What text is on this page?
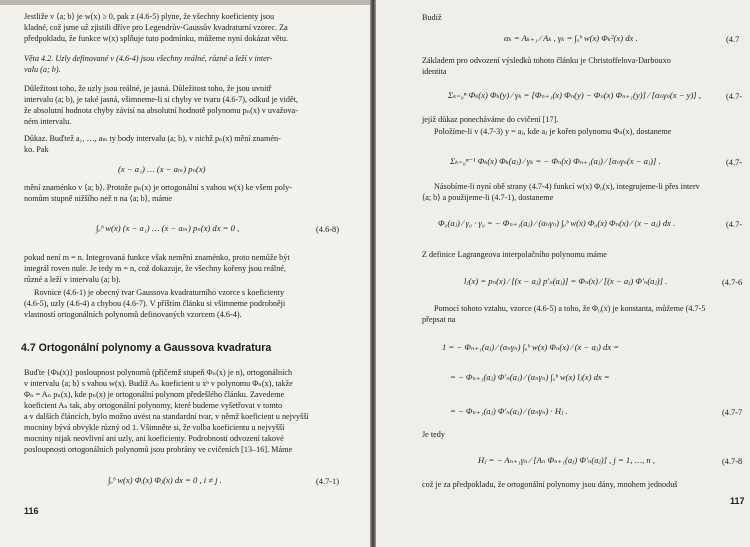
Jestliže v ⟨a; b⟩ je w(x) ≥ 0, pak z (4.6-5) plyne, že všechny koeficienty jsou
kladné, což jsme už zjistili dříve pro Legendrův-Gaussův kvadraturní vzorec. Za
předpokladu, že funkce w(x) splňuje tuto podmínku, můžeme nyní dokázat větu.
Věta 4.2. Uzly definované v (4.6-4) jsou všechny reálné, různé a leží v inter-
valu (a; b).
Důležitost toho, že uzly jsou reálné, je jasná. Důležitost toho, že jsou uvnitř
intervalu (a; b), je také jasná, všimneme-li si chyby ve tvaru (4.6-7), odkud je vidět,
že absolutní hodnota chyby závisí na absolutní hodnotě polynomu pₙ(x) v uvažova-
ném intervalu.
Důkaz. Buďtež a₁, …, aₘ ty body intervalu (a; b), v nichž pₙ(x) mění znamén-
ko. Pak
(x − a₁) … (x − aₘ) pₙ(x)
mění znaménko v ⟨a; b⟩. Protože pₙ(x) je ortogonální s vahou w(x) ke všem poly-
nomům stupně nižšího než n na ⟨a; b⟩, máme
∫ₐᵇ w(x) (x − a₁) … (x − aₘ) pₙ(x) dx = 0 ,	(4.6-8)
pokud není m = n. Integrovaná funkce však nemění znaménko, proto nemůže být
integrál roven nule. Je tedy m = n, což dokazuje, že všechny kořeny jsou reálné,
různé a leží v intervalu (a; b).
Rovnice (4.6-1) je obecný tvar Gaussova kvadraturního vzorce s koeficienty
(4.6-5), uzly (4.6-4) a chybou (4.6-7). V příštím článku si všimneme podrobněji
vlastností ortogonálních polynomů definovaných vzorcem (4.6-4).
4.7 Ortogonální polynomy a Gaussova kvadratura
Buďte {Φₖ(x)} posloupnost polynomů (přičemž stupeň Φₙ(x) je n), ortogonálních
v intervalu ⟨a; b⟩ s vahou w(x). Budiž Aₙ koeficient u xⁿ v polynomu Φₙ(x), takže
Φₙ = Aₙ pₙ(x), kde pₙ(x) je ortogonální polynom předešlého článku. Zavedeme
koeficient Aₙ tak, aby ortogonální polynomy, které budeme vyšetřovat v tomto
a v dalších článcích, bylo možno uvést na standardní tvar, v němž koeficient u nejvyšší
mocniny bývá obvykle různý od 1. Všimněte si, že volba koeficientu u nejvyšší
mocniny nijak neovlivní ani uzly, ani koeficienty. Podrobnosti odvození takové
posloupnosti ortogonálních polynomů jsou probrány ve cvičeních [13–16]. Máme
∫ₐᵇ w(x) Φᵢ(x) Φⱼ(x) dx = 0 , i ≠ j .	(4.7-1)
116
Budiž
αₖ = Aₖ₊₁ ⁄ Aₖ , γₖ = ∫ₐᵇ w(x) Φₖ²(x) dx .	(4.7
Základem pro odvození výsledků tohoto článku je Christoffelova-Darbouxo
identita
Σₖ₌₀ⁿ Φₖ(x) Φₖ(y) ⁄ γₖ = [Φₙ₊₁(x) Φₙ(y) − Φₙ(x) Φₙ₊₁(y)] ⁄ [αₙγₙ(x − y)] ,	(4.7-
jejíž důkaz ponecháváme do cvičení [17].
Položíme-li v (4.7-3) y = aⱼ, kde aⱼ je kořen polynomu Φₙ(x), dostaneme
Σₖ₌₀ⁿ⁻¹ Φₖ(x) Φₖ(aⱼ) ⁄ γₖ = − Φₙ(x) Φₙ₊₁(aⱼ) ⁄ [αₙγₙ(x − aⱼ)] .	(4.7-
Násobíme-li nyní obě strany (4.7-4) funkcí w(x) Φ₀(x), integrujeme-li přes interv
⟨a; b⟩ a použijeme-li (4.7-1), dostaneme
Φ₀(aⱼ) ⁄ γ₀ · γ₀ = − Φₙ₊₁(aⱼ) ⁄ (αₙγₙ) ∫ₐᵇ w(x) Φ₀(x) Φₙ(x) ⁄ (x − aⱼ) dx .	(4.7-
Z definice Lagrangeova interpolačního polynomu máme
lⱼ(x) = pₙ(x) ⁄ [(x − aⱼ) p′ₙ(aⱼ)] = Φₙ(x) ⁄ [(x − aⱼ) Φ′ₙ(aⱼ)] .	(4.7-6
Pomocí tohoto vztahu, vzorce (4.6-5) a toho, že Φ₀(x) je konstanta, můžeme (4.7-5
přepsat na
1 = − Φₙ₊₁(aⱼ) ⁄ (αₙγₙ) ∫ₐᵇ w(x) Φₙ(x) ⁄ (x − aⱼ) dx =
= − Φₙ₊₁(aⱼ) Φ′ₙ(aⱼ) ⁄ (αₙγₙ) ∫ₐᵇ w(x) lⱼ(x) dx =
= − Φₙ₊₁(aⱼ) Φ′ₙ(aⱼ) ⁄ (αₙγₙ) · Hⱼ .	(4.7-7
Je tedy
Hⱼ = − Aₙ₊₁γₙ ⁄ [Aₙ Φₙ₊₁(aⱼ) Φ′ₙ(aⱼ)] , j = 1, …, n ,	(4.7-8
což je za předpokladu, že ortogonální polynomy jsou dány, mnohem jednoduš
117
